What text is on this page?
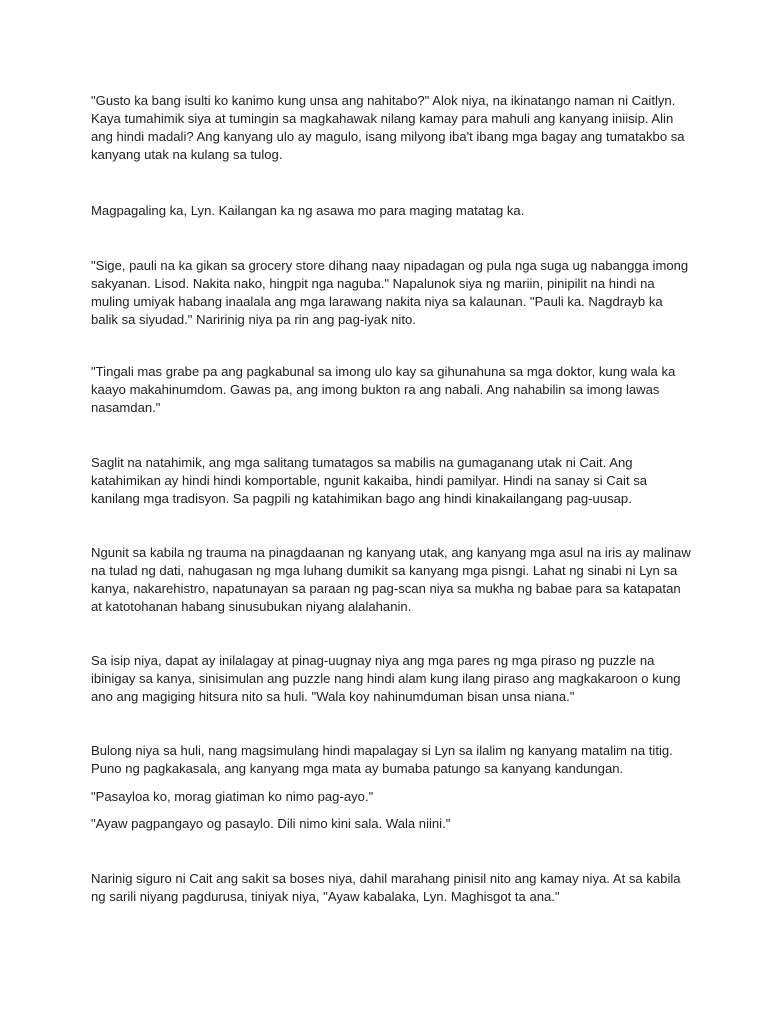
"Gusto ka bang isulti ko kanimo kung unsa ang nahitabo?" Alok niya, na ikinatango naman ni Caitlyn. Kaya tumahimik siya at tumingin sa magkahawak nilang kamay para mahuli ang kanyang iniisip. Alin ang hindi madali? Ang kanyang ulo ay magulo, isang milyong iba't ibang mga bagay ang tumatakbo sa kanyang utak na kulang sa tulog.

Magpagaling ka, Lyn. Kailangan ka ng asawa mo para maging matatag ka.

"Sige, pauli na ka gikan sa grocery store dihang naay nipadagan og pula nga suga ug nabangga imong sakyanan. Lisod. Nakita nako, hingpit nga naguba." Napalunok siya ng mariin, pinipilit na hindi na muling umiyak habang inaalala ang mga larawang nakita niya sa kalaunan. "Pauli ka. Nagdrayb ka balik sa siyudad." Naririnig niya pa rin ang pag-iyak nito.

"Tingali mas grabe pa ang pagkabunal sa imong ulo kay sa gihunahuna sa mga doktor, kung wala ka kaayo makahinumdom. Gawas pa, ang imong bukton ra ang nabali. Ang nahabilin sa imong lawas nasamdan."

Saglit na natahimik, ang mga salitang tumatagos sa mabilis na gumaganang utak ni Cait. Ang katahimikan ay hindi hindi komportable, ngunit kakaiba, hindi pamilyar. Hindi na sanay si Cait sa kanilang mga tradisyon. Sa pagpili ng katahimikan bago ang hindi kinakailangang pag-uusap.

Ngunit sa kabila ng trauma na pinagdaanan ng kanyang utak, ang kanyang mga asul na iris ay malinaw na tulad ng dati, nahugasan ng mga luhang dumikit sa kanyang mga pisngi. Lahat ng sinabi ni Lyn sa kanya, nakarehistro, napatunayan sa paraan ng pag-scan niya sa mukha ng babae para sa katapatan at katotohanan habang sinusubukan niyang alalahanin.

Sa isip niya, dapat ay inilalagay at pinag-uugnay niya ang mga pares ng mga piraso ng puzzle na ibinigay sa kanya, sinisimulan ang puzzle nang hindi alam kung ilang piraso ang magkakaroon o kung ano ang magiging hitsura nito sa huli. "Wala koy nahinumduman bisan unsa niana."

Bulong niya sa huli, nang magsimulang hindi mapalagay si Lyn sa ilalim ng kanyang matalim na titig. Puno ng pagkakasala, ang kanyang mga mata ay bumaba patungo sa kanyang kandungan.

"Pasayloa ko, morag giatiman ko nimo pag-ayo."

"Ayaw pagpangayo og pasaylo. Dili nimo kini sala. Wala niini."

Narinig siguro ni Cait ang sakit sa boses niya, dahil marahang pinisil nito ang kamay niya. At sa kabila ng sarili niyang pagdurusa, tiniyak niya, "Ayaw kabalaka, Lyn. Maghisgot ta ana."
